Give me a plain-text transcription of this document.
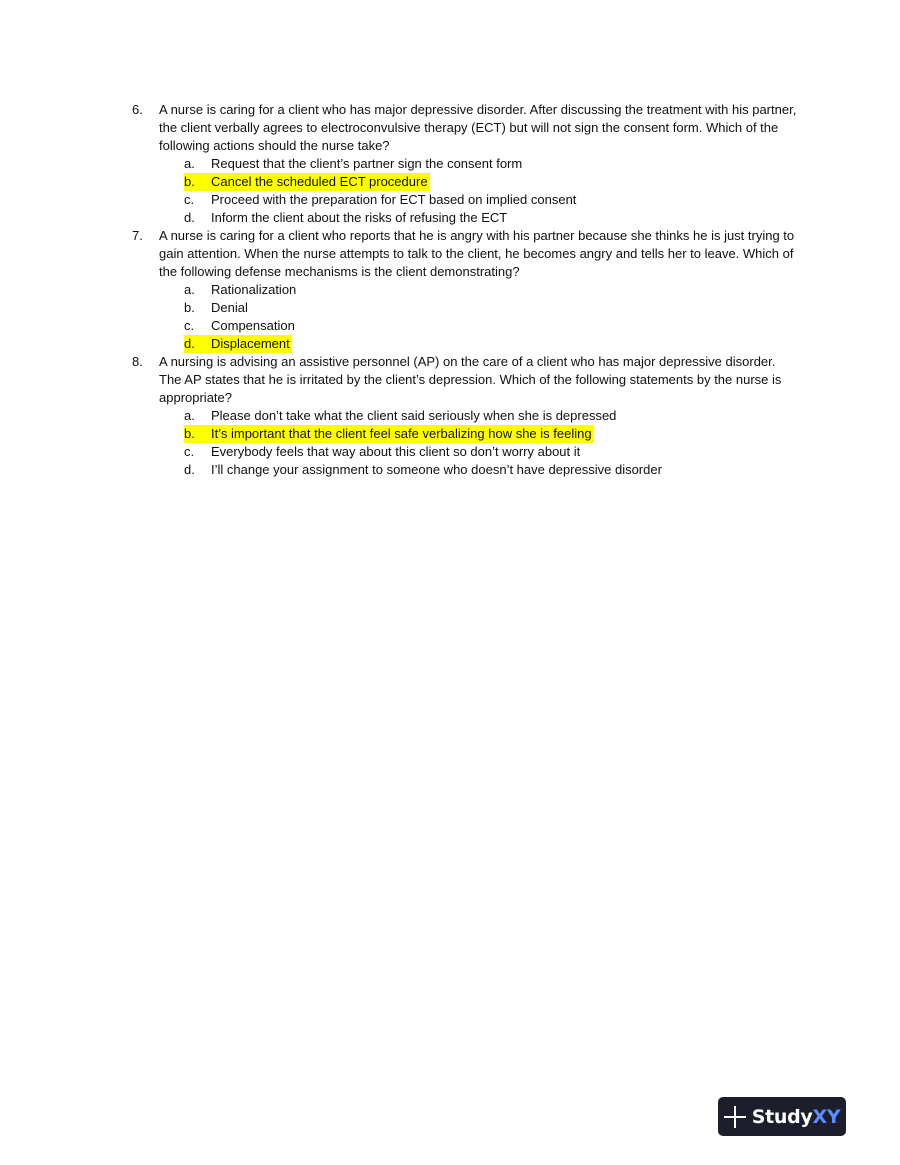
6.	A nurse is caring for a client who has major depressive disorder. After discussing the treatment with his partner, the client verbally agrees to electroconvulsive therapy (ECT) but will not sign the consent form. Which of the following actions should the nurse take?
a. Request that the client’s partner sign the consent form
b. Cancel the scheduled ECT procedure
c. Proceed with the preparation for ECT based on implied consent
d. Inform the client about the risks of refusing the ECT
7.	A nurse is caring for a client who reports that he is angry with his partner because she thinks he is just trying to gain attention. When the nurse attempts to talk to the client, he becomes angry and tells her to leave. Which of the following defense mechanisms is the client demonstrating?
a. Rationalization
b. Denial
c. Compensation
d. Displacement
8.	A nursing is advising an assistive personnel (AP) on the care of a client who has major depressive disorder. The AP states that he is irritated by the client’s depression. Which of the following statements by the nurse is appropriate?
a. Please don’t take what the client said seriously when she is depressed
b. It’s important that the client feel safe verbalizing how she is feeling
c. Everybody feels that way about this client so don’t worry about it
d. I’ll change your assignment to someone who doesn’t have depressive disorder
StudyXY
